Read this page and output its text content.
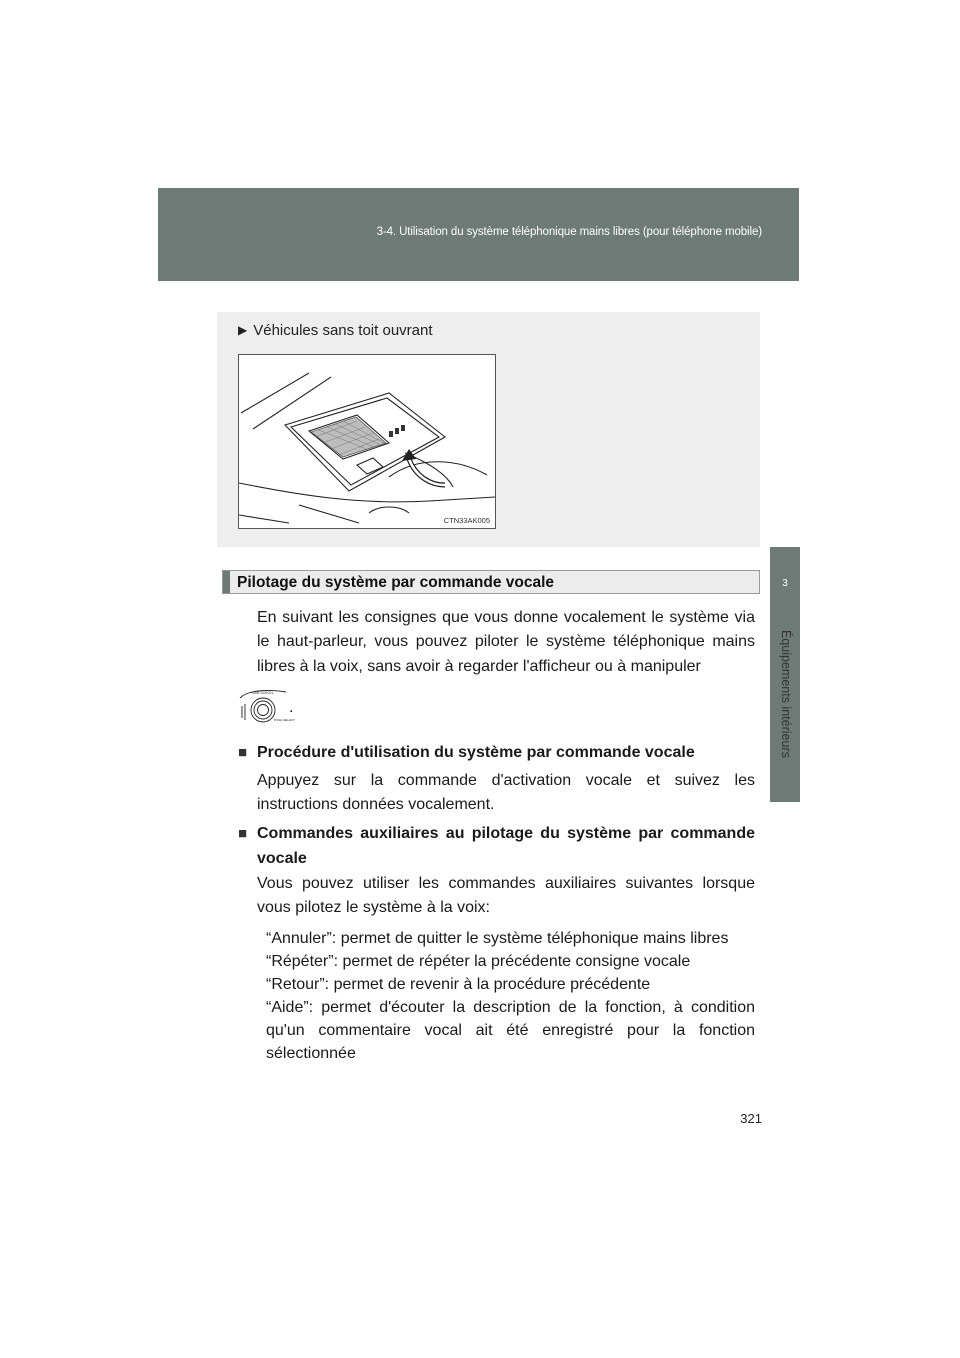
3-4. Utilisation du système téléphonique mains libres (pour téléphone mobile)
3
Équipements intérieurs
▶ Véhicules sans toit ouvrant
CTN33AK005
Pilotage du système par commande vocale
En suivant les consignes que vous donne vocalement le système via le haut-parleur, vous pouvez piloter le système téléphonique mains libres à la voix, sans avoir à regarder l'afficheur ou à manipuler
TUNE·SCROLL
PUSH SELECT
.
■ Procédure d'utilisation du système par commande vocale
Appuyez sur la commande d'activation vocale et suivez les instructions données vocalement.
■ Commandes auxiliaires au pilotage du système par commande vocale
Vous pouvez utiliser les commandes auxiliaires suivantes lorsque vous pilotez le système à la voix:
“Annuler”: permet de quitter le système téléphonique mains libres
“Répéter”: permet de répéter la précédente consigne vocale
“Retour”: permet de revenir à la procédure précédente
“Aide”: permet d'écouter la description de la fonction, à condition qu'un commentaire vocal ait été enregistré pour la fonction sélectionnée
321
